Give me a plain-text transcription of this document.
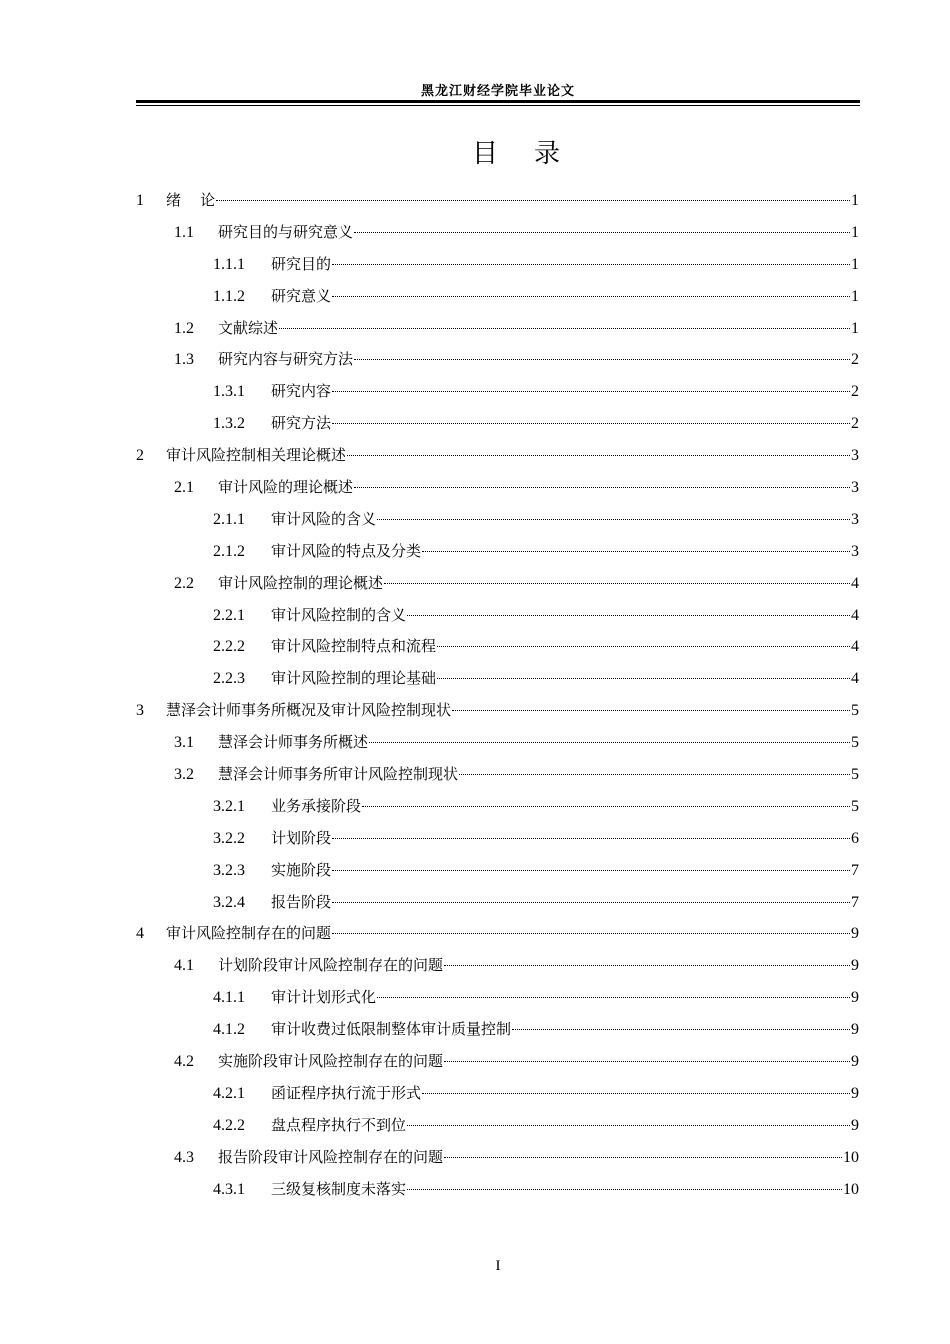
黑龙江财经学院毕业论文
目录
1	绪    论	1
1.1	研究目的与研究意义	1
1.1.1	研究目的	1
1.1.2	研究意义	1
1.2	文献综述	1
1.3	研究内容与研究方法	2
1.3.1	研究内容	2
1.3.2	研究方法	2
2	审计风险控制相关理论概述	3
2.1	审计风险的理论概述	3
2.1.1	审计风险的含义	3
2.1.2	审计风险的特点及分类	3
2.2	审计风险控制的理论概述	4
2.2.1	审计风险控制的含义	4
2.2.2	审计风险控制特点和流程	4
2.2.3	审计风险控制的理论基础	4
3	慧泽会计师事务所概况及审计风险控制现状	5
3.1	慧泽会计师事务所概述	5
3.2	慧泽会计师事务所审计风险控制现状	5
3.2.1	业务承接阶段	5
3.2.2	计划阶段	6
3.2.3	实施阶段	7
3.2.4	报告阶段	7
4	审计风险控制存在的问题	9
4.1	计划阶段审计风险控制存在的问题	9
4.1.1	审计计划形式化	9
4.1.2	审计收费过低限制整体审计质量控制	9
4.2	实施阶段审计风险控制存在的问题	9
4.2.1	函证程序执行流于形式	9
4.2.2	盘点程序执行不到位	9
4.3	报告阶段审计风险控制存在的问题	10
4.3.1	三级复核制度未落实	10
I
